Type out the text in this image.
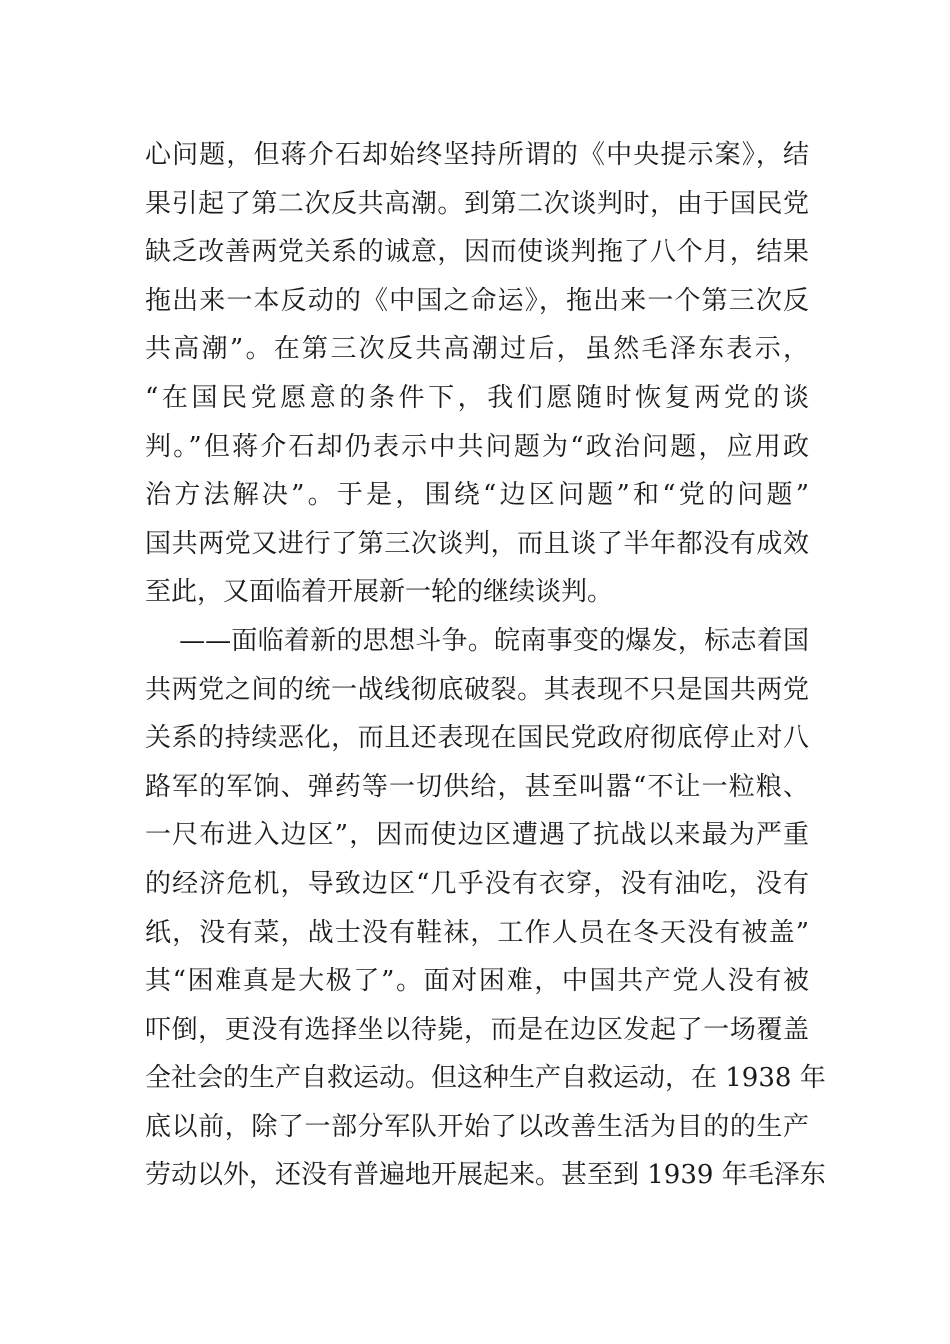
心问题，但蒋介石却始终坚持所谓的《中央提示案》，结
果引起了第二次反共高潮。到第二次谈判时，由于国民党
缺乏改善两党关系的诚意，因而使谈判拖了八个月，结果
拖出来一本反动的《中国之命运》，拖出来一个第三次反
共高潮”。在第三次反共高潮过后，虽然毛泽东表示，
“在国民党愿意的条件下，我们愿随时恢复两党的谈
判。”但蒋介石却仍表示中共问题为“政治问题，应用政
治方法解决”。于是，围绕“边区问题”和“党的问题”
国共两党又进行了第三次谈判，而且谈了半年都没有成效
至此，又面临着开展新一轮的继续谈判。
——面临着新的思想斗争。皖南事变的爆发，标志着国
共两党之间的统一战线彻底破裂。其表现不只是国共两党
关系的持续恶化，而且还表现在国民党政府彻底停止对八
路军的军饷、弹药等一切供给，甚至叫嚣“不让一粒粮、
一尺布进入边区”，因而使边区遭遇了抗战以来最为严重
的经济危机，导致边区“几乎没有衣穿，没有油吃，没有
纸，没有菜，战士没有鞋袜，工作人员在冬天没有被盖”
其“困难真是大极了”。面对困难，中国共产党人没有被
吓倒，更没有选择坐以待毙，而是在边区发起了一场覆盖
全社会的生产自救运动。但这种生产自救运动，在 1938 年
底以前，除了一部分军队开始了以改善生活为目的的生产
劳动以外，还没有普遍地开展起来。甚至到 1939 年毛泽东
